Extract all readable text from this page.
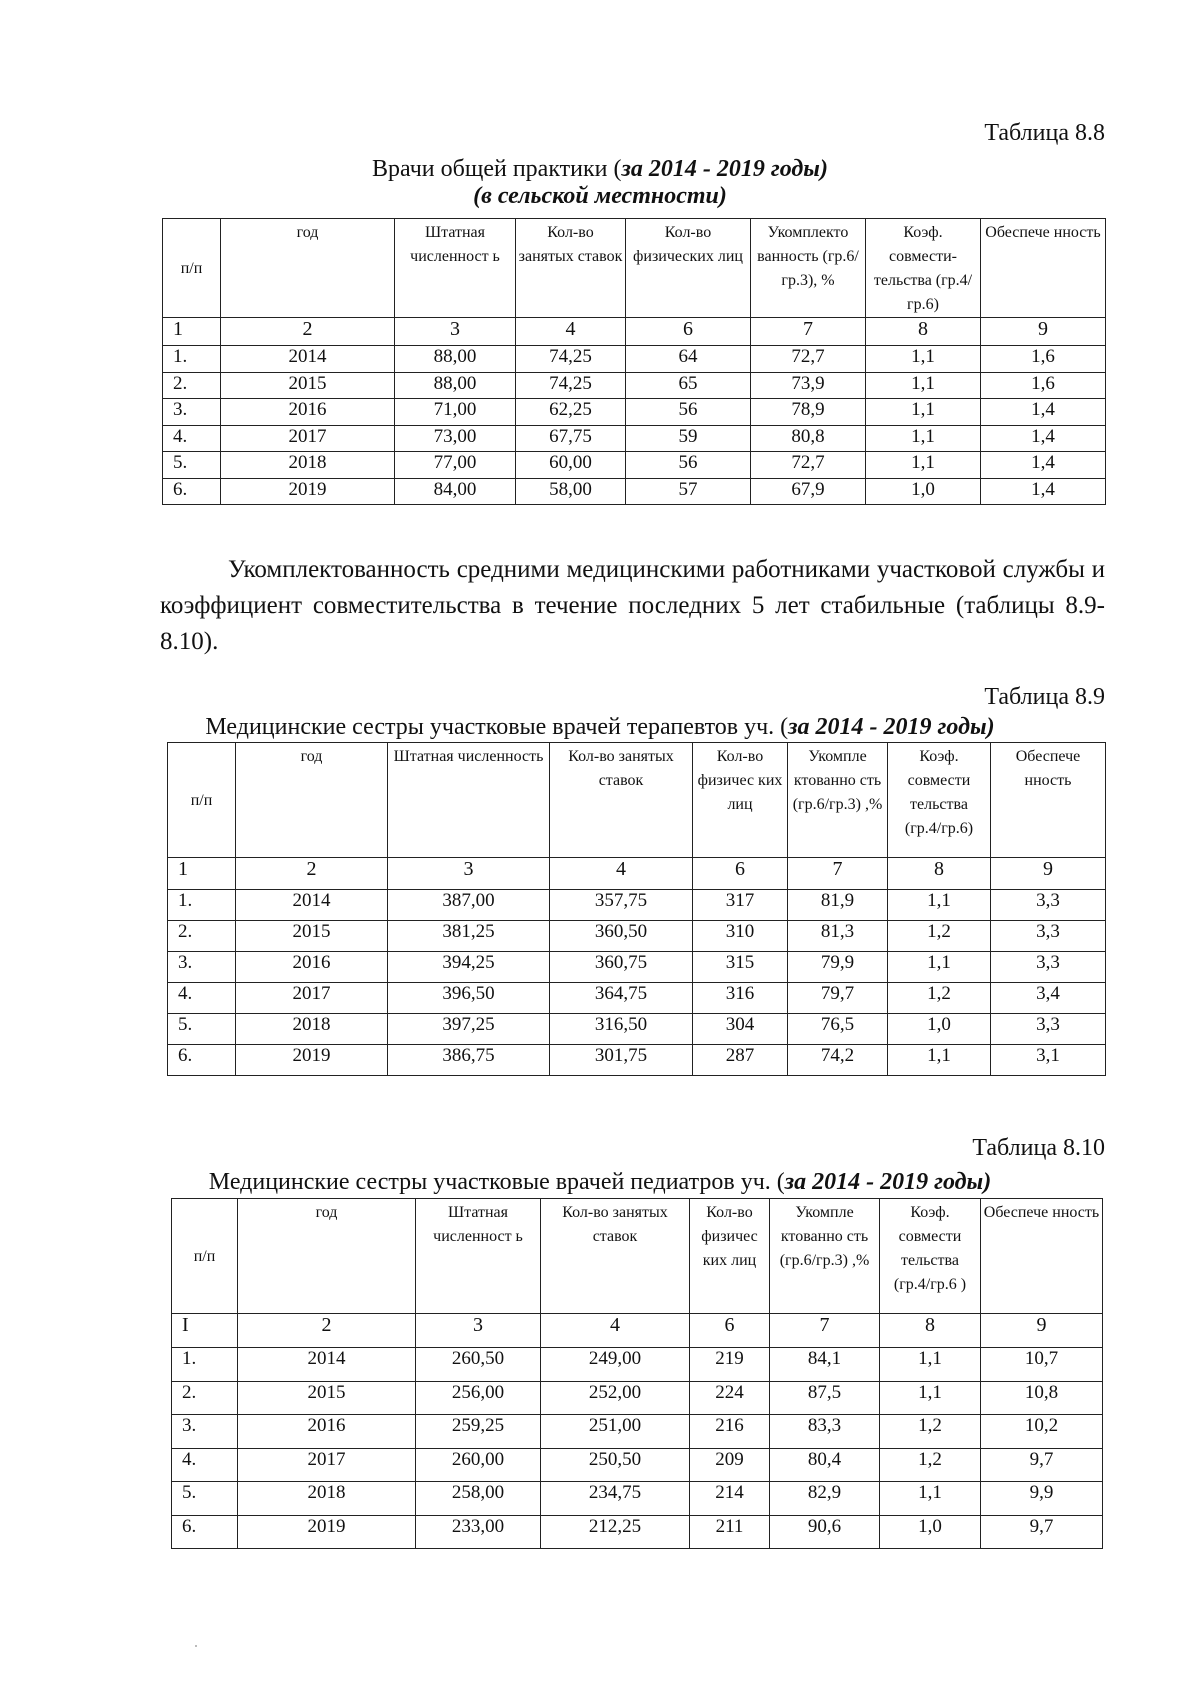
Таблица 8.8
Врачи общей практики (за 2014 - 2019 годы)
(в сельской местности)
п/п	год	Штатная численност ь	Кол-во занятых ставок	Кол-во физических лиц	Укомплекто ванность (гр.6/гр.3), %	Коэф. совмести- тельства (гр.4/гр.6)	Обеспече нность
1	2	3	4	6	7	8	9
1.	2014	88,00	74,25	64	72,7	1,1	1,6
2.	2015	88,00	74,25	65	73,9	1,1	1,6
3.	2016	71,00	62,25	56	78,9	1,1	1,4
4.	2017	73,00	67,75	59	80,8	1,1	1,4
5.	2018	77,00	60,00	56	72,7	1,1	1,4
6.	2019	84,00	58,00	57	67,9	1,0	1,4
Укомплектованность средними медицинскими работниками участковой службы и коэффициент совместительства в течение последних 5 лет стабильные (таблицы 8.9-8.10).
Таблица 8.9
Медицинские сестры участковые врачей терапевтов уч. (за 2014 - 2019 годы)
п/п	год	Штатная численность	Кол-во занятых ставок	Кол-во физичес ких лиц	Укомпле ктованно сть (гр.6/гр.3) ,%	Коэф. совмести тельства (гр.4/гр.6)	Обеспече нность
1	2	3	4	6	7	8	9
1.	2014	387,00	357,75	317	81,9	1,1	3,3
2.	2015	381,25	360,50	310	81,3	1,2	3,3
3.	2016	394,25	360,75	315	79,9	1,1	3,3
4.	2017	396,50	364,75	316	79,7	1,2	3,4
5.	2018	397,25	316,50	304	76,5	1,0	3,3
6.	2019	386,75	301,75	287	74,2	1,1	3,1
Таблица 8.10
Медицинские сестры участковые врачей педиатров уч. (за 2014 - 2019 годы)
п/п	год	Штатная численност ь	Кол-во занятых ставок	Кол-во физичес ких лиц	Укомпле ктованно сть (гр.6/гр.3) ,%	Коэф. совмести тельства (гр.4/гр.6 )	Обеспече нность
I	2	3	4	6	7	8	9
1.	2014	260,50	249,00	219	84,1	1,1	10,7
2.	2015	256,00	252,00	224	87,5	1,1	10,8
3.	2016	259,25	251,00	216	83,3	1,2	10,2
4.	2017	260,00	250,50	209	80,4	1,2	9,7
5.	2018	258,00	234,75	214	82,9	1,1	9,9
6.	2019	233,00	212,25	211	90,6	1,0	9,7
